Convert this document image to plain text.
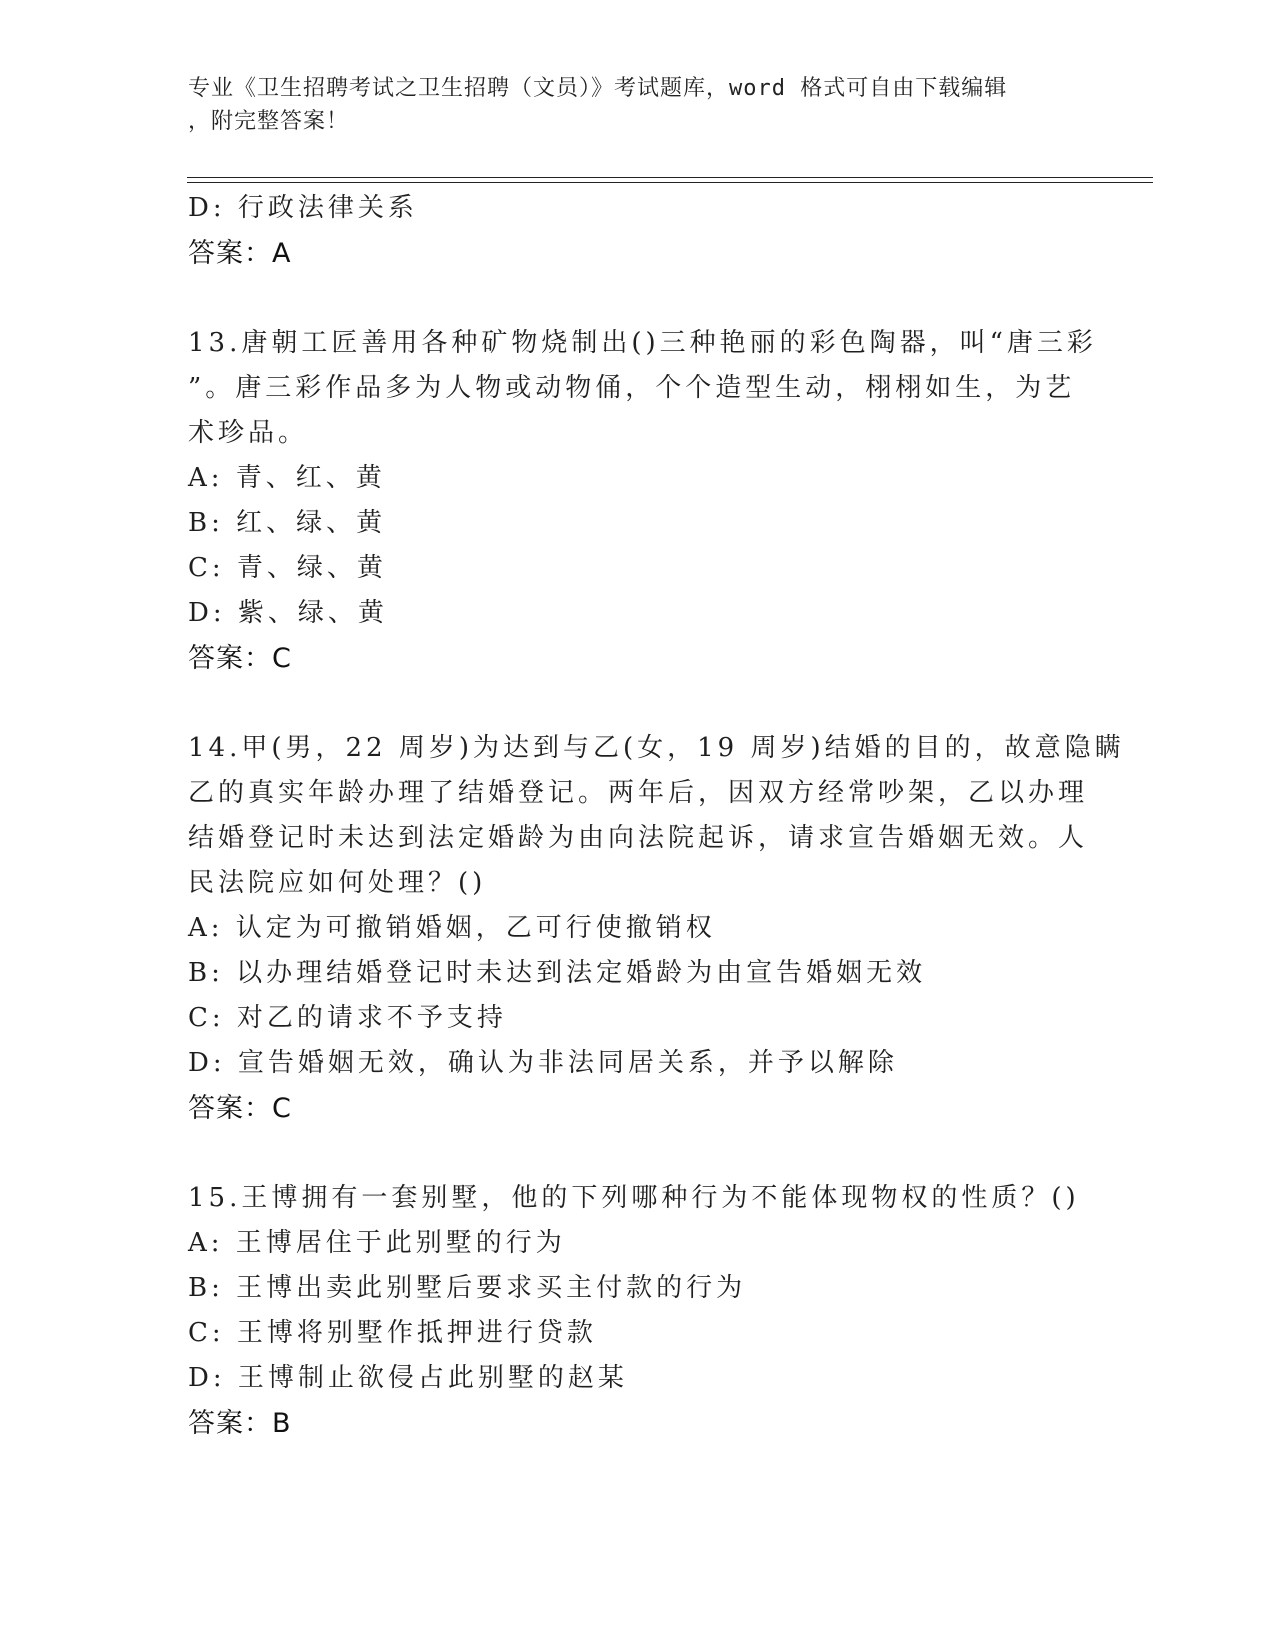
专业《卫生招聘考试之卫生招聘（文员）》考试题库，word 格式可自由下载编辑
，附完整答案！
D: 行政法律关系
答案：A
13.唐朝工匠善用各种矿物烧制出()三种艳丽的彩色陶器，叫“唐三彩
”。唐三彩作品多为人物或动物俑，个个造型生动，栩栩如生，为艺
术珍品。
A: 青、红、黄
B: 红、绿、黄
C: 青、绿、黄
D: 紫、绿、黄
答案：C
14.甲(男，22 周岁)为达到与乙(女，19 周岁)结婚的目的，故意隐瞒
乙的真实年龄办理了结婚登记。两年后，因双方经常吵架，乙以办理
结婚登记时未达到法定婚龄为由向法院起诉，请求宣告婚姻无效。人
民法院应如何处理？()
A: 认定为可撤销婚姻，乙可行使撤销权
B: 以办理结婚登记时未达到法定婚龄为由宣告婚姻无效
C: 对乙的请求不予支持
D: 宣告婚姻无效，确认为非法同居关系，并予以解除
答案：C
15.王博拥有一套别墅，他的下列哪种行为不能体现物权的性质？()
A: 王博居住于此别墅的行为
B: 王博出卖此别墅后要求买主付款的行为
C: 王博将别墅作抵押进行贷款
D: 王博制止欲侵占此别墅的赵某
答案：B
